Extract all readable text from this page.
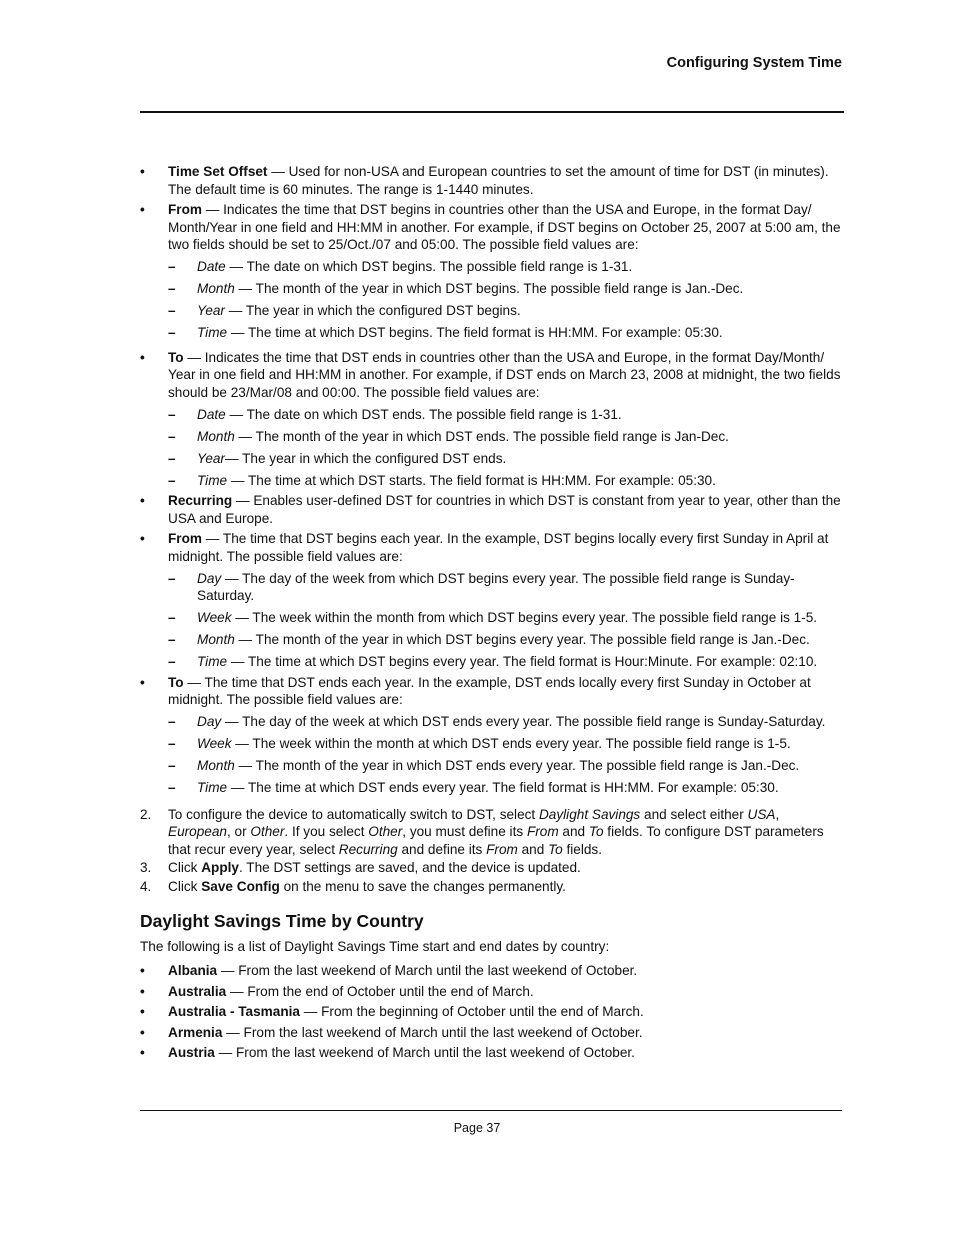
Configuring System Time
• Time Set Offset — Used for non-USA and European countries to set the amount of time for DST (in minutes). The default time is 60 minutes. The range is 1-1440 minutes.
• From — Indicates the time that DST begins in countries other than the USA and Europe, in the format Day/ Month/Year in one field and HH:MM in another. For example, if DST begins on October 25, 2007 at 5:00 am, the two fields should be set to 25/Oct./07 and 05:00. The possible field values are:
– Date — The date on which DST begins. The possible field range is 1-31.
– Month — The month of the year in which DST begins. The possible field range is Jan.-Dec.
– Year — The year in which the configured DST begins.
– Time — The time at which DST begins. The field format is HH:MM. For example: 05:30.
• To — Indicates the time that DST ends in countries other than the USA and Europe, in the format Day/Month/ Year in one field and HH:MM in another. For example, if DST ends on March 23, 2008 at midnight, the two fields should be 23/Mar/08 and 00:00. The possible field values are:
– Date — The date on which DST ends. The possible field range is 1-31.
– Month — The month of the year in which DST ends. The possible field range is Jan-Dec.
– Year— The year in which the configured DST ends.
– Time — The time at which DST starts. The field format is HH:MM. For example: 05:30.
• Recurring — Enables user-defined DST for countries in which DST is constant from year to year, other than the USA and Europe.
• From — The time that DST begins each year. In the example, DST begins locally every first Sunday in April at midnight. The possible field values are:
– Day — The day of the week from which DST begins every year. The possible field range is Sunday-Saturday.
– Week — The week within the month from which DST begins every year. The possible field range is 1-5.
– Month — The month of the year in which DST begins every year. The possible field range is Jan.-Dec.
– Time — The time at which DST begins every year. The field format is Hour:Minute. For example: 02:10.
• To — The time that DST ends each year. In the example, DST ends locally every first Sunday in October at midnight. The possible field values are:
– Day — The day of the week at which DST ends every year. The possible field range is Sunday-Saturday.
– Week — The week within the month at which DST ends every year. The possible field range is 1-5.
– Month — The month of the year in which DST ends every year. The possible field range is Jan.-Dec.
– Time — The time at which DST ends every year. The field format is HH:MM. For example: 05:30.
2. To configure the device to automatically switch to DST, select Daylight Savings and select either USA, European, or Other. If you select Other, you must define its From and To fields. To configure DST parameters that recur every year, select Recurring and define its From and To fields.
3. Click Apply. The DST settings are saved, and the device is updated.
4. Click Save Config on the menu to save the changes permanently.
Daylight Savings Time by Country
The following is a list of Daylight Savings Time start and end dates by country:
• Albania — From the last weekend of March until the last weekend of October.
• Australia — From the end of October until the end of March.
• Australia - Tasmania — From the beginning of October until the end of March.
• Armenia — From the last weekend of March until the last weekend of October.
• Austria — From the last weekend of March until the last weekend of October.
Page 37
